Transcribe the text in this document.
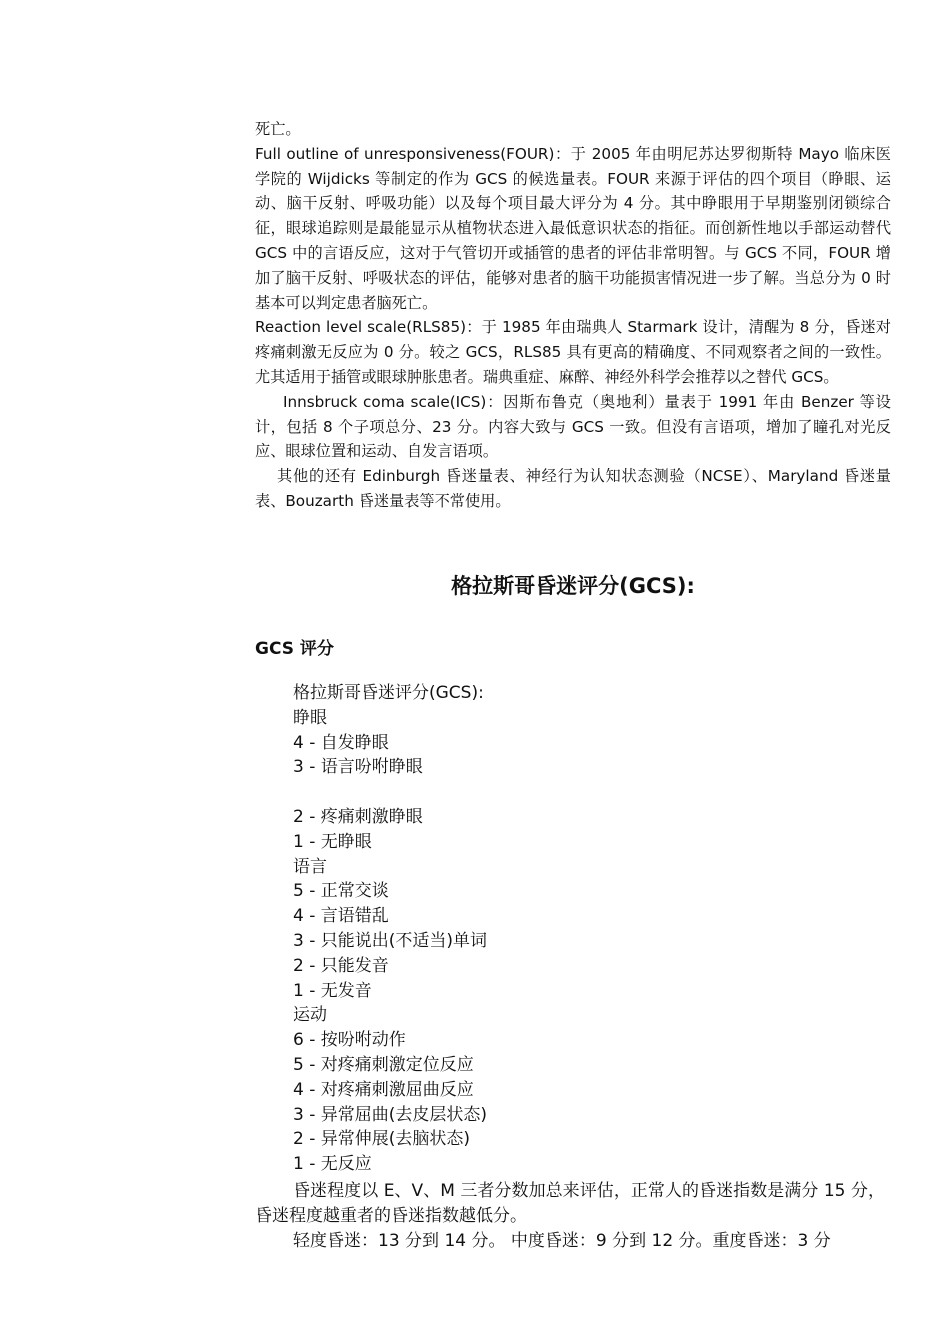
死亡。

Full outline of unresponsiveness(FOUR)：于 2005 年由明尼苏达罗彻斯特 Mayo 临床医学院的 Wijdicks 等制定的作为 GCS 的候选量表。FOUR 来源于评估的四个项目（睁眼、运动、脑干反射、呼吸功能）以及每个项目最大评分为 4 分。其中睁眼用于早期鉴别闭锁综合征，眼球追踪则是最能显示从植物状态进入最低意识状态的指征。而创新性地以手部运动替代 GCS 中的言语反应，这对于气管切开或插管的患者的评估非常明智。与 GCS 不同，FOUR 增加了脑干反射、呼吸状态的评估，能够对患者的脑干功能损害情况进一步了解。当总分为 0 时基本可以判定患者脑死亡。

Reaction level scale(RLS85)：于 1985 年由瑞典人 Starmark 设计，清醒为 8 分，昏迷对疼痛刺激无反应为 0 分。较之 GCS，RLS85 具有更高的精确度、不同观察者之间的一致性。尤其适用于插管或眼球肿胀患者。瑞典重症、麻醉、神经外科学会推荐以之替代 GCS。

Innsbruck coma scale(ICS)：因斯布鲁克（奥地利）量表于 1991 年由 Benzer 等设计，包括 8 个子项总分、23 分。内容大致与 GCS 一致。但没有言语项，增加了瞳孔对光反应、眼球位置和运动、自发言语项。

其他的还有 Edinburgh 昏迷量表、神经行为认知状态测验（NCSE）、Maryland 昏迷量表、Bouzarth 昏迷量表等不常使用。

格拉斯哥昏迷评分(GCS):
GCS 评分
格拉斯哥昏迷评分(GCS):
睁眼
4 - 自发睁眼
3 - 语言吩咐睁眼
2 - 疼痛刺激睁眼
1 - 无睁眼
语言
5 - 正常交谈
4 - 言语错乱
3 - 只能说出(不适当)单词
2 - 只能发音
1 - 无发音
运动
6 - 按吩咐动作
5 - 对疼痛刺激定位反应
4 - 对疼痛刺激屈曲反应
3 - 异常屈曲(去皮层状态)
2 - 异常伸展(去脑状态)
1 - 无反应

昏迷程度以 E、V、M 三者分数加总来评估，正常人的昏迷指数是满分 15 分，昏迷程度越重者的昏迷指数越低分。

轻度昏迷：13 分到 14 分。 中度昏迷：9 分到 12 分。重度昏迷：3 分
